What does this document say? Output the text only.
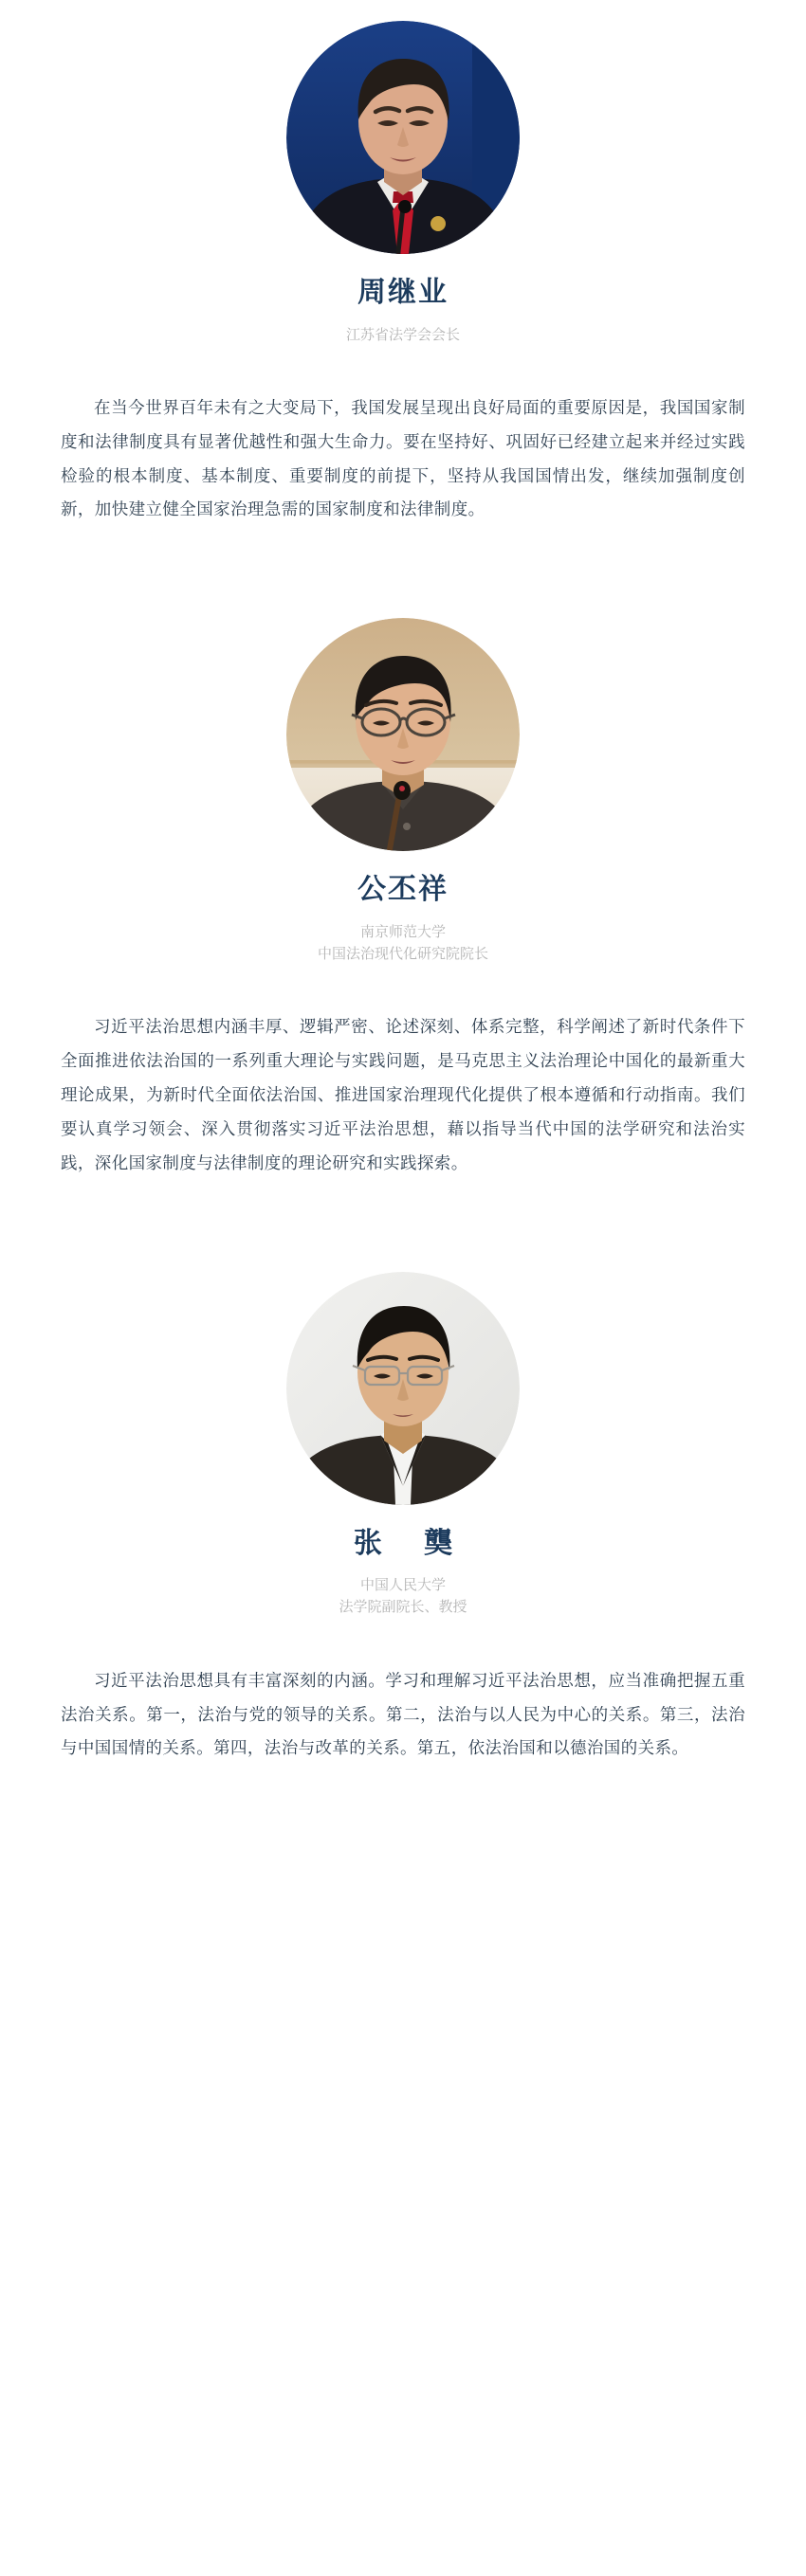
周继业
江苏省法学会会长

在当今世界百年未有之大变局下，我国发展呈现出良好局面的重要原因是，我国国家制度和法律制度具有显著优越性和强大生命力。要在坚持好、巩固好已经建立起来并经过实践检验的根本制度、基本制度、重要制度的前提下，坚持从我国国情出发，继续加强制度创新，加快建立健全国家治理急需的国家制度和法律制度。

公丕祥
南京师范大学
中国法治现代化研究院院长

习近平法治思想内涵丰厚、逻辑严密、论述深刻、体系完整，科学阐述了新时代条件下全面推进依法治国的一系列重大理论与实践问题，是马克思主义法治理论中国化的最新重大理论成果，为新时代全面依法治国、推进国家治理现代化提供了根本遵循和行动指南。我们要认真学习领会、深入贯彻落实习近平法治思想，藉以指导当代中国的法学研究和法治实践，深化国家制度与法律制度的理论研究和实践探索。

张 龑
中国人民大学
法学院副院长、教授

习近平法治思想具有丰富深刻的内涵。学习和理解习近平法治思想，应当准确把握五重法治关系。第一，法治与党的领导的关系。第二，法治与以人民为中心的关系。第三，法治与中国国情的关系。第四，法治与改革的关系。第五，依法治国和以德治国的关系。
